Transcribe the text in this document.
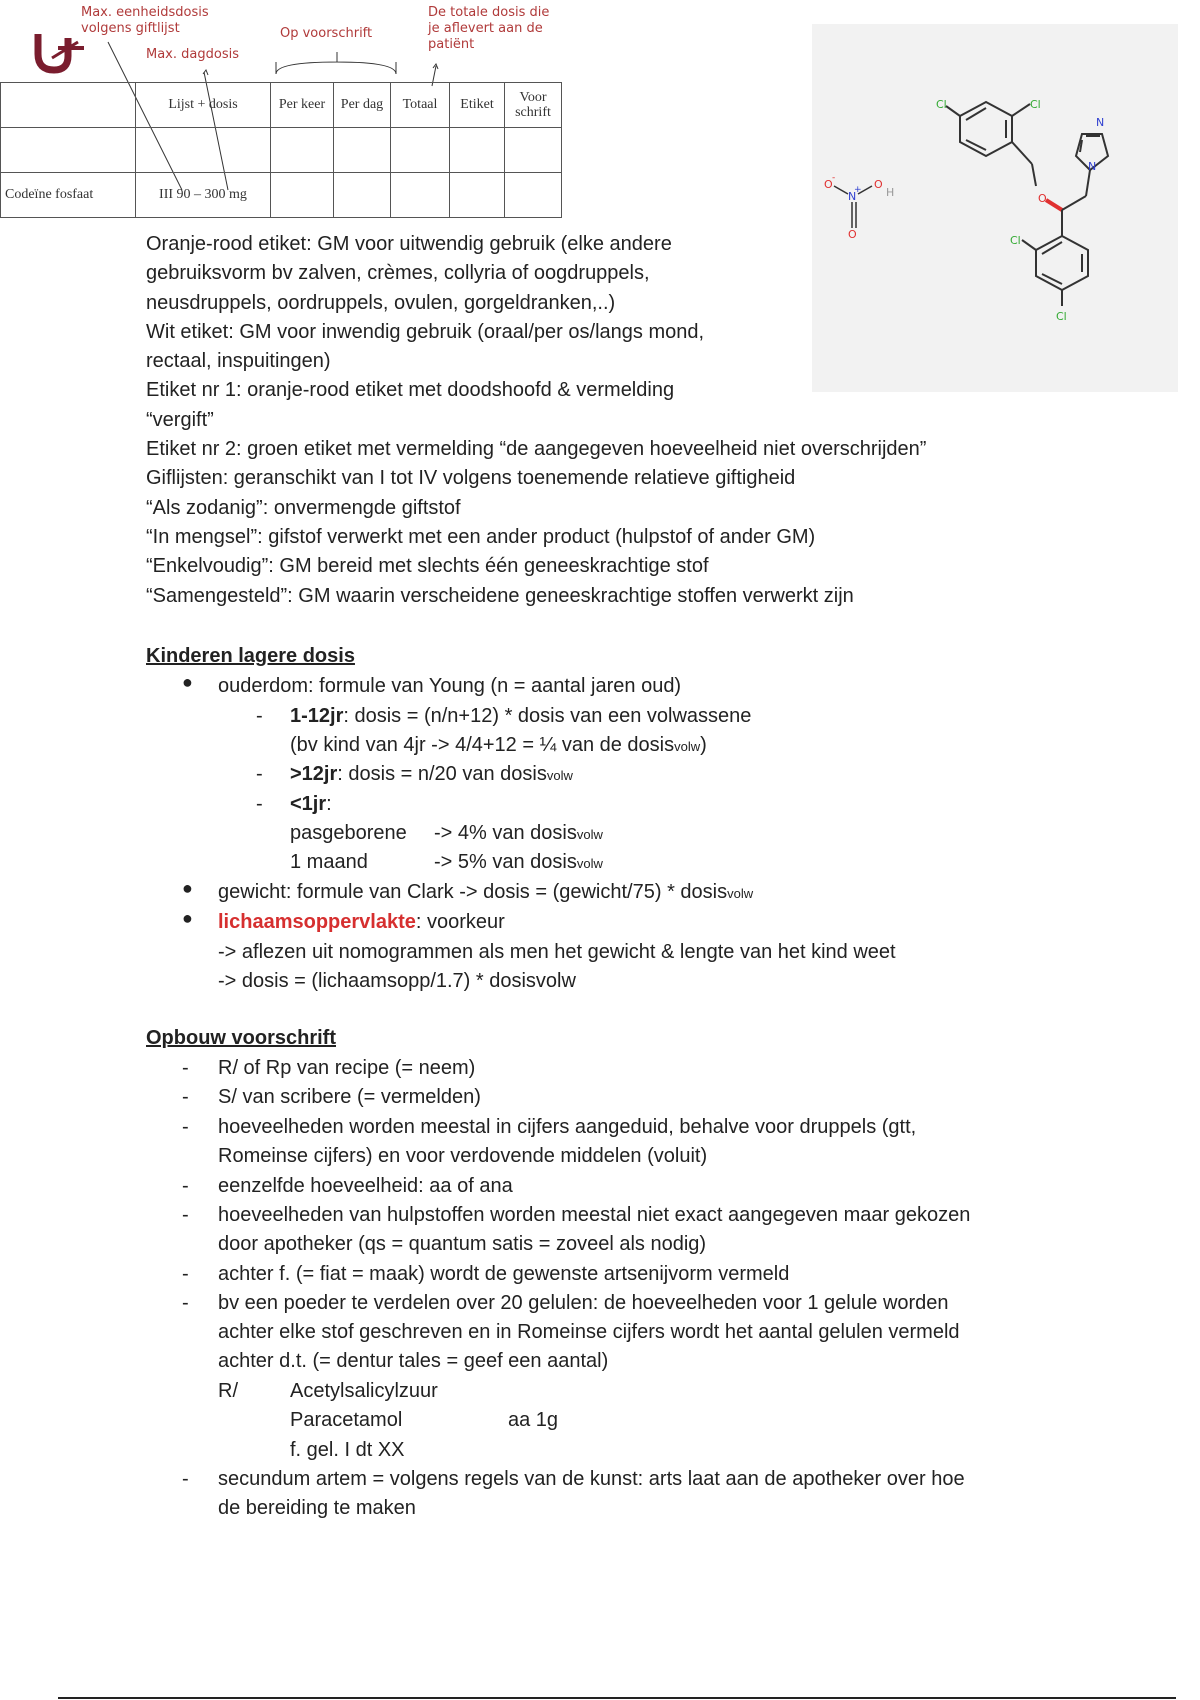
Max. eenheidsdosis
volgens giftlijst
Max. dagdosis
Op voorschrift
De totale dosis die
je aflevert aan de
patiënt
	Lijst + dosis	Per keer	Per dag	Totaal	Etiket	Voor schrift

Codeïne fosfaat	III 90 – 300 mg					
Cl	Cl
Cl
Cl
N
N
N
+
O
O	O
O
-
H
Oranje-rood etiket: GM voor uitwendig gebruik (elke andere
gebruiksvorm bv zalven, crèmes, collyria of oogdruppels,
neusdruppels, oordruppels, ovulen, gorgeldranken,..)
Wit etiket: GM voor inwendig gebruik (oraal/per os/langs mond,
rectaal, inspuitingen)
Etiket nr 1: oranje-rood etiket met doodshoofd & vermelding
“vergift”
Etiket nr 2: groen etiket met vermelding “de aangegeven hoeveelheid niet overschrijden”
Giflijsten: geranschikt van I tot IV volgens toenemende relatieve giftigheid
“Als zodanig”: onvermengde giftstof
“In mengsel”: gifstof verwerkt met een ander product (hulpstof of ander GM)
“Enkelvoudig”: GM bereid met slechts één geneeskrachtige stof
“Samengesteld”: GM waarin verscheidene geneeskrachtige stoffen verwerkt zijn
Kinderen lagere dosis
● ouderdom: formule van Young (n = aantal jaren oud)
- 1-12jr: dosis = (n/n+12) * dosis van een volwassene
(bv kind van 4jr -> 4/4+12 = ¼ van de dosisvolw)
- >12jr: dosis = n/20 van dosisvolw
- <1jr:
pasgeborene -> 4% van dosisvolw
1 maand	-> 5% van dosisvolw
● gewicht: formule van Clark -> dosis = (gewicht/75) * dosisvolw
● lichaamsoppervlakte: voorkeur
-> aflezen uit nomogrammen als men het gewicht & lengte van het kind weet
-> dosis = (lichaamsopp/1.7) * dosisvolw
Opbouw voorschrift
- R/ of Rp van recipe (= neem)
- S/ van scribere (= vermelden)
- hoeveelheden worden meestal in cijfers aangeduid, behalve voor druppels (gtt,
Romeinse cijfers) en voor verdovende middelen (voluit)
- eenzelfde hoeveelheid: aa of ana
- hoeveelheden van hulpstoffen worden meestal niet exact aangegeven maar gekozen
door apotheker (qs = quantum satis = zoveel als nodig)
- achter f. (= fiat = maak) wordt de gewenste artsenijvorm vermeld
- bv een poeder te verdelen over 20 gelulen: de hoeveelheden voor 1 gelule worden
achter elke stof geschreven en in Romeinse cijfers wordt het aantal gelulen vermeld
achter d.t. (= dentur tales = geef een aantal)
R/	Acetylsalicylzuur
Paracetamol	aa 1g
f. gel. I dt XX
- secundum artem = volgens regels van de kunst: arts laat aan de apotheker over hoe
de bereiding te maken
